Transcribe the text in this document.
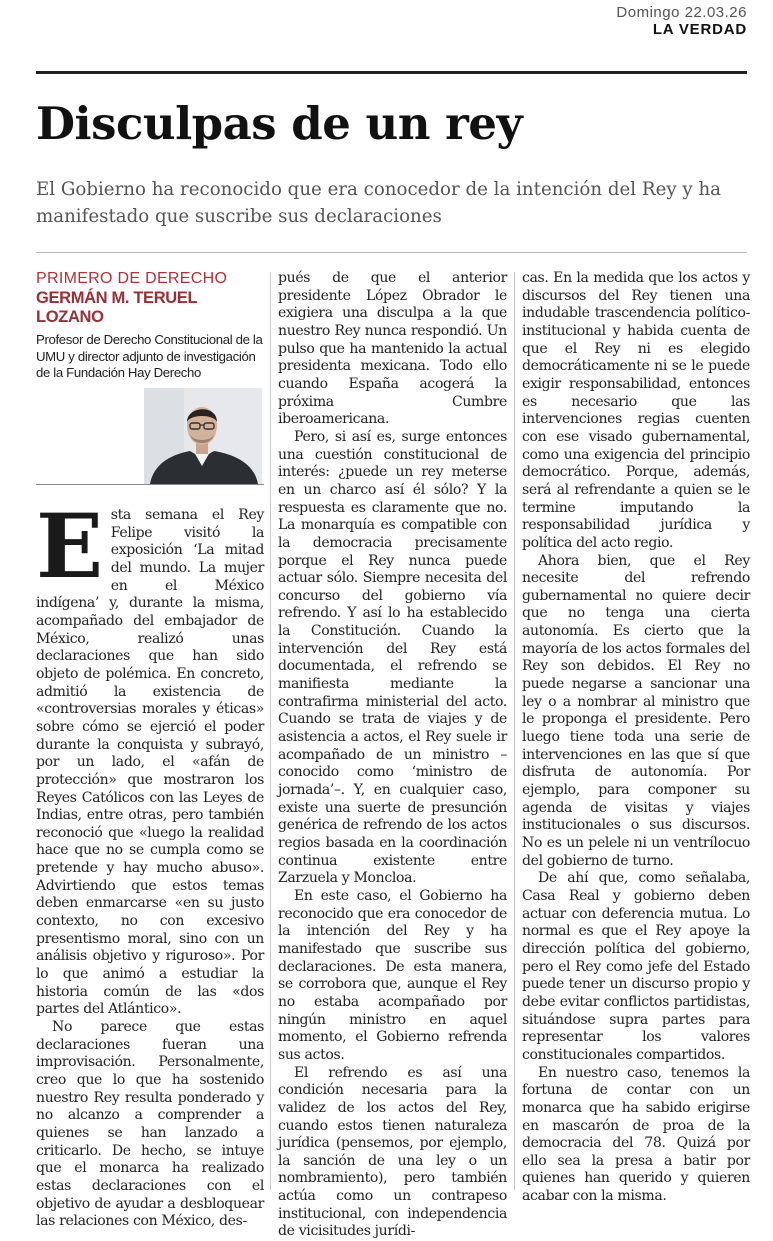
Domingo 22.03.26
LA VERDAD
Disculpas de un rey

El Gobierno ha reconocido que era conocedor de la intención del Rey y ha manifestado que suscribe sus declaraciones

PRIMERO DE DERECHO
GERMÁN M. TERUEL
LOZANO
Profesor de Derecho Constitucional de la UMU y director adjunto de investigación de la Fundación Hay Derecho

Esta semana el Rey Felipe visitó la exposición ‘La mitad del mundo. La mujer en el México indígena’ y, durante la misma, acompañado del embajador de México, realizó unas declaraciones que han sido objeto de polémica. En concreto, admitió la existencia de «controversias morales y éticas» sobre cómo se ejerció el poder durante la conquista y subrayó, por un lado, el «afán de protección» que mostraron los Reyes Católicos con las Leyes de Indias, entre otras, pero también reconoció que «luego la realidad hace que no se cumpla como se pretende y hay mucho abuso». Advirtiendo que estos temas deben enmarcarse «en su justo contexto, no con excesivo presentismo moral, sino con un análisis objetivo y riguroso». Por lo que animó a estudiar la historia común de las «dos partes del Atlántico».

No parece que estas declaraciones fueran una improvisación. Personalmente, creo que lo que ha sostenido nuestro Rey resulta ponderado y no alcanzo a comprender a quienes se han lanzado a criticarlo. De hecho, se intuye que el monarca ha realizado estas declaraciones con el objetivo de ayudar a desbloquear las relaciones con México, des-

pués de que el anterior presidente López Obrador le exigiera una disculpa a la que nuestro Rey nunca respondió. Un pulso que ha mantenido la actual presidenta mexicana. Todo ello cuando España acogerá la próxima Cumbre iberoamericana.

Pero, si así es, surge entonces una cuestión constitucional de interés: ¿puede un rey meterse en un charco así él sólo? Y la respuesta es claramente que no. La monarquía es compatible con la democracia precisamente porque el Rey nunca puede actuar sólo. Siempre necesita del concurso del gobierno vía refrendo. Y así lo ha establecido la Constitución. Cuando la intervención del Rey está documentada, el refrendo se manifiesta mediante la contrafirma ministerial del acto. Cuando se trata de viajes y de asistencia a actos, el Rey suele ir acompañado de un ministro –conocido como ‘ministro de jornada’–. Y, en cualquier caso, existe una suerte de presunción genérica de refrendo de los actos regios basada en la coordinación continua existente entre Zarzuela y Moncloa.

En este caso, el Gobierno ha reconocido que era conocedor de la intención del Rey y ha manifestado que suscribe sus declaraciones. De esta manera, se corrobora que, aunque el Rey no estaba acompañado por ningún ministro en aquel momento, el Gobierno refrenda sus actos.

El refrendo es así una condición necesaria para la validez de los actos del Rey, cuando estos tienen naturaleza jurídica (pensemos, por ejemplo, la sanción de una ley o un nombramiento), pero también actúa como un contrapeso institucional, con independencia de vicisitudes jurídi-

cas. En la medida que los actos y discursos del Rey tienen una indudable trascendencia político-institucional y habida cuenta de que el Rey ni es elegido democráticamente ni se le puede exigir responsabilidad, entonces es necesario que las intervenciones regias cuenten con ese visado gubernamental, como una exigencia del principio democrático. Porque, además, será al refrendante a quien se le termine imputando la responsabilidad jurídica y política del acto regio.

Ahora bien, que el Rey necesite del refrendo gubernamental no quiere decir que no tenga una cierta autonomía. Es cierto que la mayoría de los actos formales del Rey son debidos. El Rey no puede negarse a sancionar una ley o a nombrar al ministro que le proponga el presidente. Pero luego tiene toda una serie de intervenciones en las que sí que disfruta de autonomía. Por ejemplo, para componer su agenda de visitas y viajes institucionales o sus discursos. No es un pelele ni un ventrílocuo del gobierno de turno.

De ahí que, como señalaba, Casa Real y gobierno deben actuar con deferencia mutua. Lo normal es que el Rey apoye la dirección política del gobierno, pero el Rey como jefe del Estado puede tener un discurso propio y debe evitar conflictos partidistas, situándose supra partes para representar los valores constitucionales compartidos.

En nuestro caso, tenemos la fortuna de contar con un monarca que ha sabido erigirse en mascarón de proa de la democracia del 78. Quizá por ello sea la presa a batir por quienes han querido y quieren acabar con la misma.
